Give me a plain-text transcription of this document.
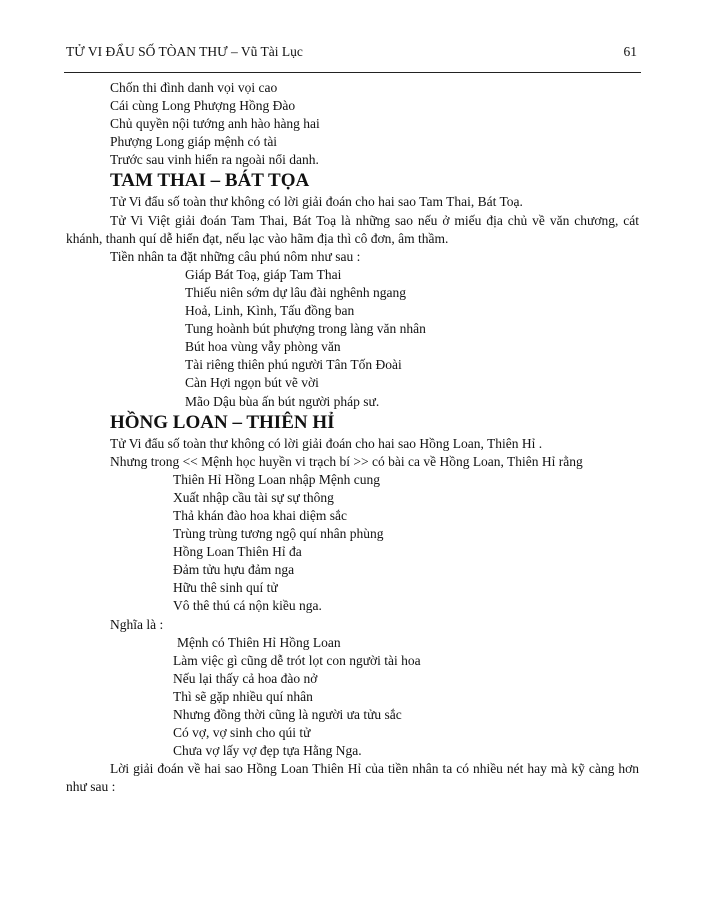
TỬ VI ĐẨU SỐ TÒAN THƯ – Vũ Tài Lục	61
Chốn thi đình danh vọi vọi cao
Cái cùng Long Phượng Hồng Đào
Chủ quyền nội tướng anh hào hàng hai
Phượng Long giáp mệnh có tài
Trước sau vinh hiển ra ngoài nổi danh.
TAM THAI – BÁT TỌA
Tử Vi đẩu số toàn thư không có lời giải đoán cho hai sao Tam Thai, Bát Toạ.
Tử Vi Việt giải đoán Tam Thai, Bát Toạ là những sao nếu ở miếu địa chủ về văn chương, cát khánh, thanh quí dễ hiển đạt, nếu lạc vào hãm địa thì cô đơn, âm thầm.
Tiền nhân ta đặt những câu phú nôm như sau :
Giáp Bát Toạ, giáp Tam Thai
Thiếu niên sớm dự lâu đài nghênh ngang
Hoả, Linh, Kình, Tấu đồng ban
Tung hoành bút phượng trong làng văn nhân
Bút hoa vùng vẫy phòng văn
Tài riêng thiên phú người Tân Tốn Đoài
Càn Hợi ngọn bút vẽ vời
Mão Dậu bùa ấn bút người pháp sư.
HỒNG LOAN – THIÊN HỈ
Tử Vi đẩu số toàn thư không có lời giải đoán cho hai sao Hồng Loan, Thiên Hỉ .
Nhưng trong << Mệnh học huyền vi trạch bí >> có bài ca về Hồng Loan, Thiên Hỉ rằng
Thiên Hỉ Hồng Loan nhập Mệnh cung
Xuất nhập cầu tài sự sự thông
Thả khán đào hoa khai diệm sắc
Trùng trùng tương ngộ quí nhân phùng
Hồng Loan Thiên Hỉ đa
Đảm tửu hựu đảm nga
Hữu thê sinh quí tử
Vô thê thú cá nộn kiều nga.
Nghĩa là :
Mệnh có Thiên Hỉ Hồng Loan
Làm việc gì cũng dễ trót lọt con người tài hoa
Nếu lại thấy cả hoa đào nở
Thì sẽ gặp nhiều quí nhân
Nhưng đồng thời cũng là người ưa tửu sắc
Có vợ, vợ sinh cho qúi tử
Chưa vợ lấy vợ đẹp tựa Hằng Nga.
Lời giải đoán về hai sao Hồng Loan Thiên Hỉ của tiền nhân ta có nhiều nét hay mà kỹ càng hơn như sau :
